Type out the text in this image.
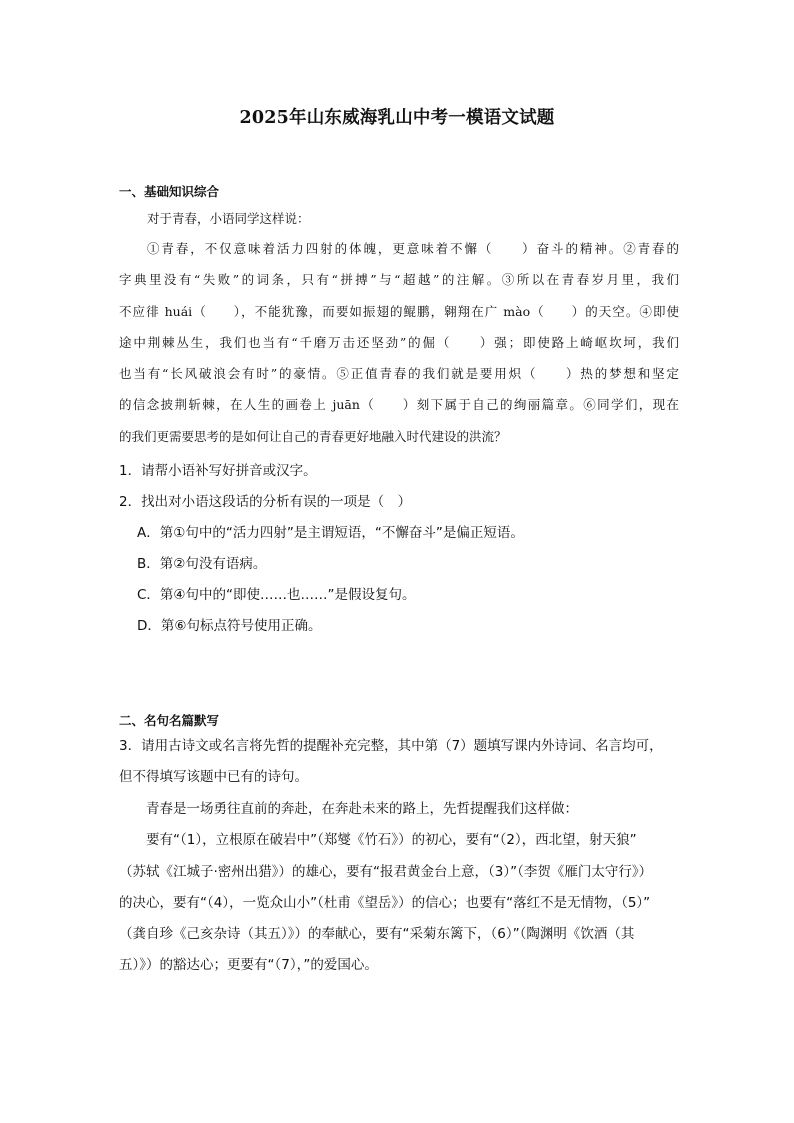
2025年山东威海乳山中考一模语文试题
一、基础知识综合
对于青春，小语同学这样说：
①青春，不仅意味着活力四射的体魄，更意味着不懈（　　）奋斗的精神。②青春的
字典里没有“失败”的词条，只有“拼搏”与“超越”的注解。③所以在青春岁月里，我们
不应徘 huái（　　），不能犹豫，而要如振翅的鲲鹏，翱翔在广 mào（　　）的天空。④即使
途中荆棘丛生，我们也当有“千磨万击还坚劲”的倔（　　）强；即使路上崎岖坎坷，我们
也当有“长风破浪会有时”的豪情。⑤正值青春的我们就是要用炽（　　）热的梦想和坚定
的信念披荆斩棘，在人生的画卷上 juān（　　）刻下属于自己的绚丽篇章。⑥同学们，现在
的我们更需要思考的是如何让自己的青春更好地融入时代建设的洪流？
1．请帮小语补写好拼音或汉字。
2．找出对小语这段话的分析有误的一项是（　）
A．第①句中的“活力四射”是主谓短语，“不懈奋斗”是偏正短语。
B．第②句没有语病。
C．第④句中的“即使……也……”是假设复句。
D．第⑥句标点符号使用正确。
二、名句名篇默写
3．请用古诗文或名言将先哲的提醒补充完整，其中第（7）题填写课内外诗词、名言均可，
但不得填写该题中已有的诗句。
　　青春是一场勇往直前的奔赴，在奔赴未来的路上，先哲提醒我们这样做：
　　要有“（1），立根原在破岩中”（郑燮《竹石》）的初心，要有“（2），西北望，射天狼”
（苏轼《江城子·密州出猎》）的雄心，要有“报君黄金台上意，（3）”（李贺《雁门太守行》）
的决心，要有“（4），一览众山小”（杜甫《望岳》）的信心；也要有“落红不是无情物，（5）”
（龚自珍《己亥杂诗（其五）》）的奉献心，要有“采菊东篱下，（6）”（陶渊明《饮酒（其
五）》）的豁达心；更要有“（7），”的爱国心。
